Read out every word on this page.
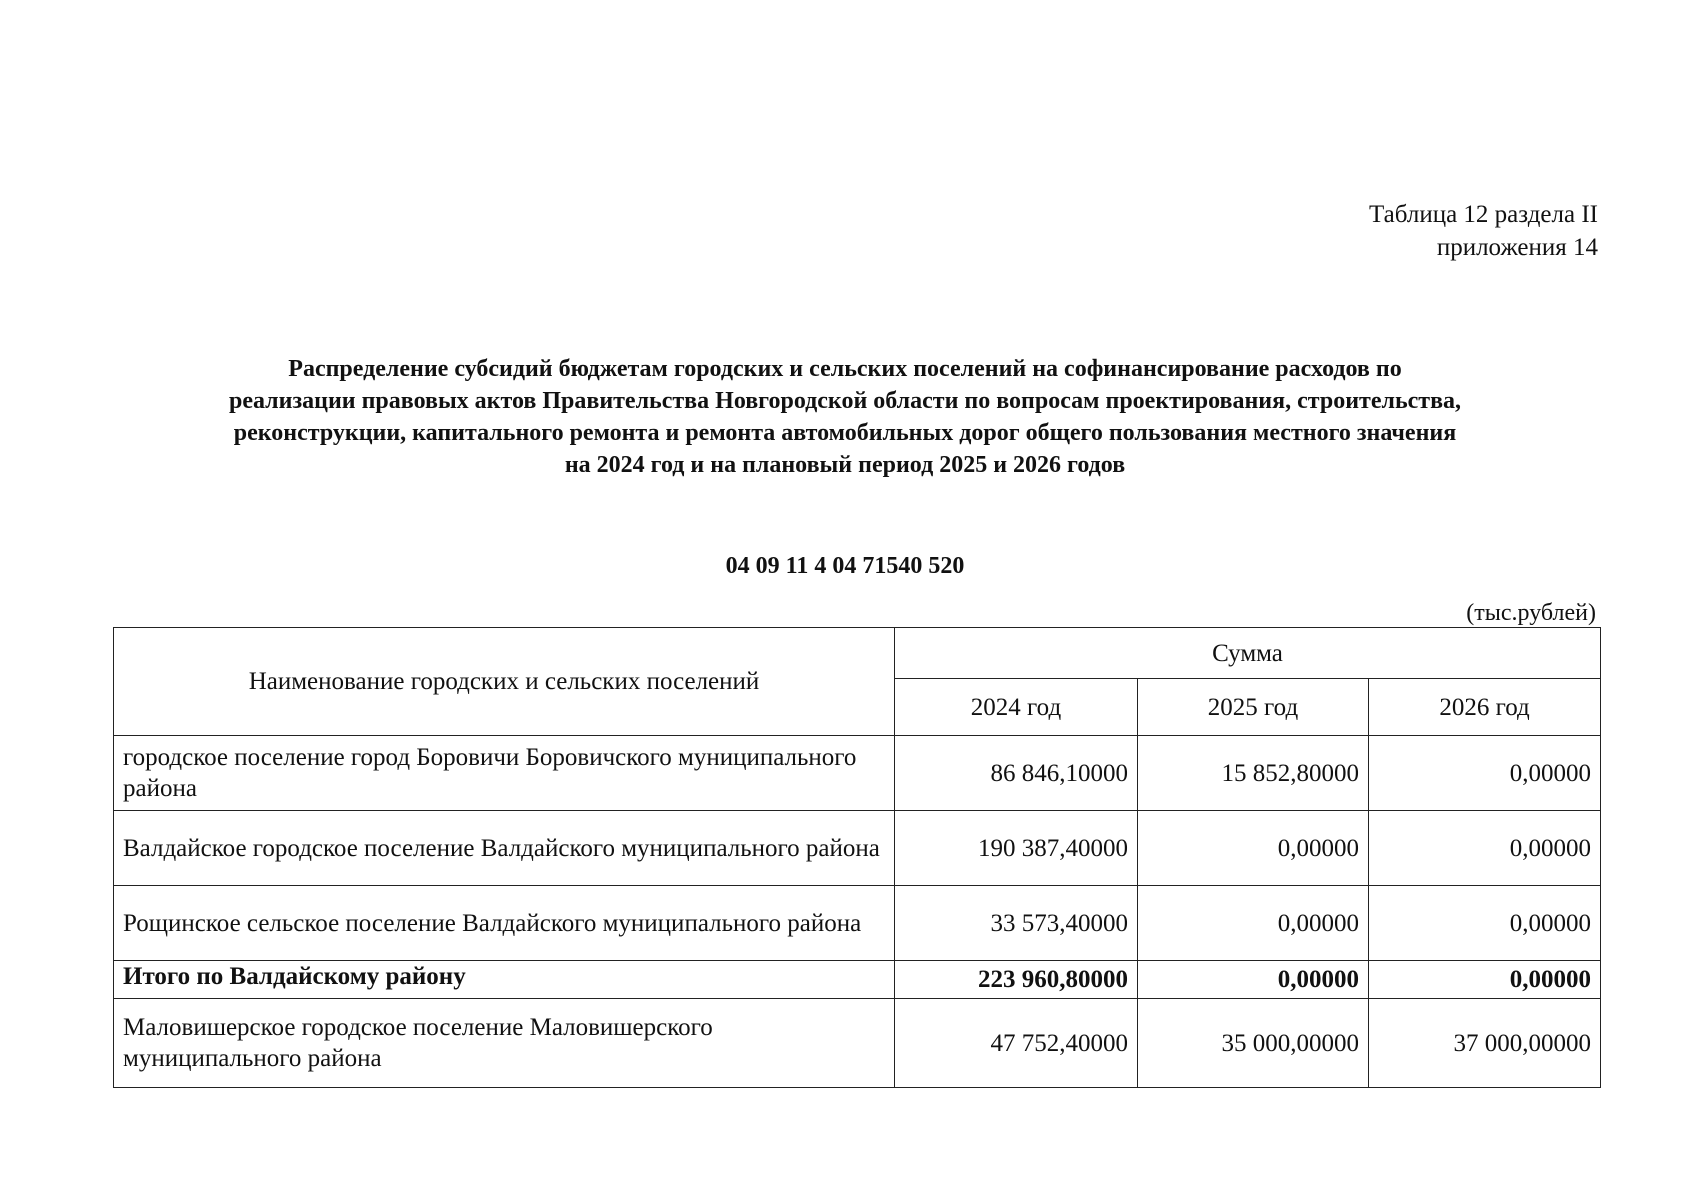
Таблица 12 раздела II
приложения 14
Распределение субсидий бюджетам городских и сельских поселений на софинансирование расходов по
реализации правовых актов Правительства Новгородской области по вопросам проектирования, строительства,
реконструкции, капитального ремонта и ремонта автомобильных дорог общего пользования местного значения
на 2024 год и на плановый период 2025 и 2026 годов
04 09 11 4 04 71540 520
(тыс.рублей)
Наименование городских и сельских поселений	Сумма		
	2024 год	2025 год	2026 год
городское поселение город Боровичи Боровичского муниципального района	86 846,10000	15 852,80000	0,00000
Валдайское городское поселение Валдайского муниципального района	190 387,40000	0,00000	0,00000
Рощинское сельское поселение Валдайского муниципального района	33 573,40000	0,00000	0,00000
Итого по Валдайскому району	223 960,80000	0,00000	0,00000
Маловишерское городское поселение Маловишерского муниципального района	47 752,40000	35 000,00000	37 000,00000
